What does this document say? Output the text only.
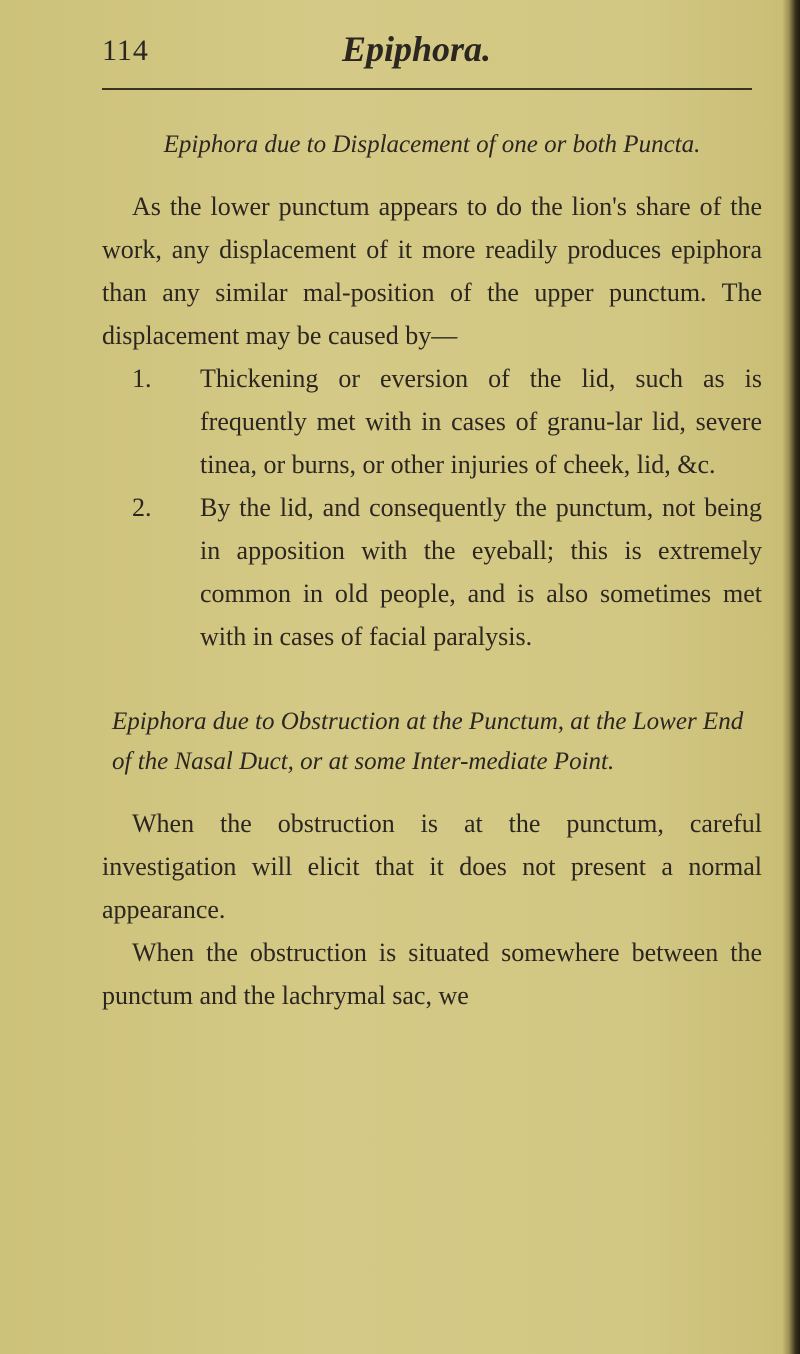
114	Epiphora.

Epiphora due to Displacement of one or both Puncta.

As the lower punctum appears to do the lion's share of the work, any displacement of it more readily produces epiphora than any similar mal-position of the upper punctum. The displacement may be caused by—

1. Thickening or eversion of the lid, such as is frequently met with in cases of granu-lar lid, severe tinea, or burns, or other injuries of cheek, lid, &c.
2. By the lid, and consequently the punctum, not being in apposition with the eyeball; this is extremely common in old people, and is also sometimes met with in cases of facial paralysis.

Epiphora due to Obstruction at the Punctum, at the Lower End of the Nasal Duct, or at some Inter-mediate Point.

When the obstruction is at the punctum, careful investigation will elicit that it does not present a normal appearance.

When the obstruction is situated somewhere between the punctum and the lachrymal sac, we
